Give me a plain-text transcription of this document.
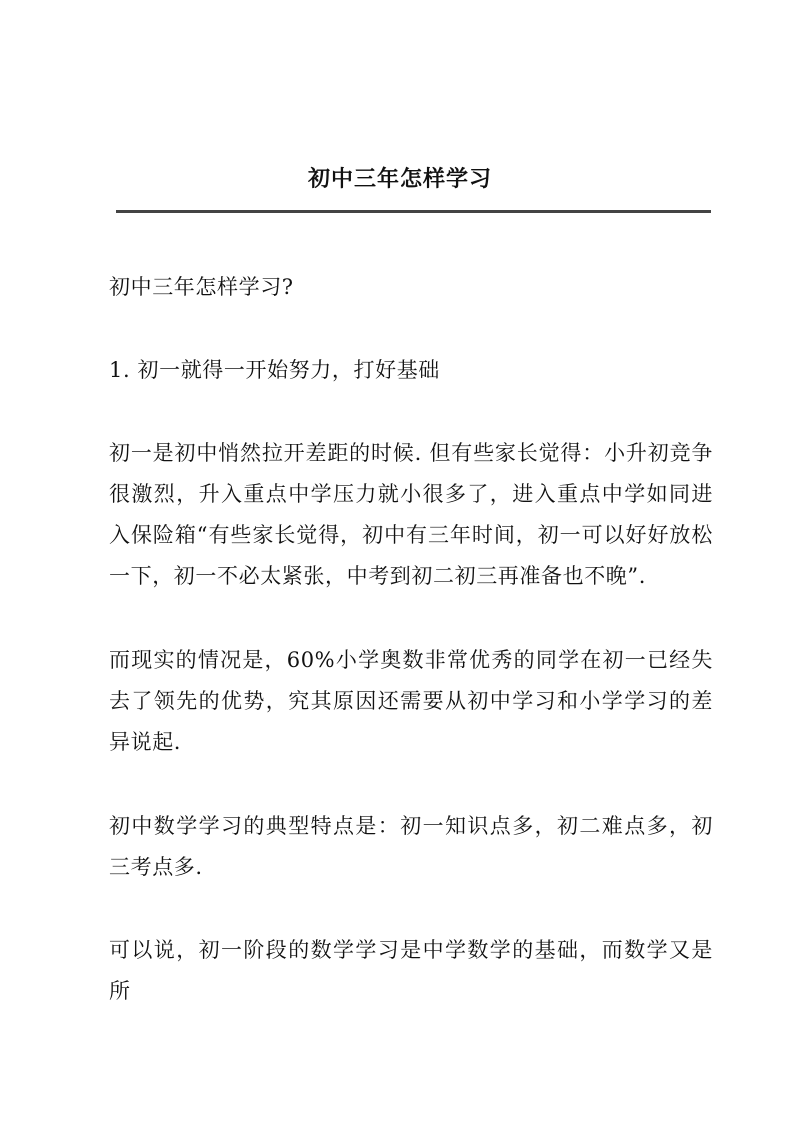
初中三年怎样学习

初中三年怎样学习?

1. 初一就得一开始努力，打好基础

初一是初中悄然拉开差距的时候. 但有些家长觉得：小升初竞争很激烈，升入重点中学压力就小很多了，进入重点中学如同进入保险箱“有些家长觉得，初中有三年时间，初一可以好好放松一下，初一不必太紧张，中考到初二初三再准备也不晚”.

而现实的情况是，60%小学奥数非常优秀的同学在初一已经失去了领先的优势，究其原因还需要从初中学习和小学学习的差异说起.

初中数学学习的典型特点是：初一知识点多，初二难点多，初三考点多.

可以说，初一阶段的数学学习是中学数学的基础，而数学又是所
